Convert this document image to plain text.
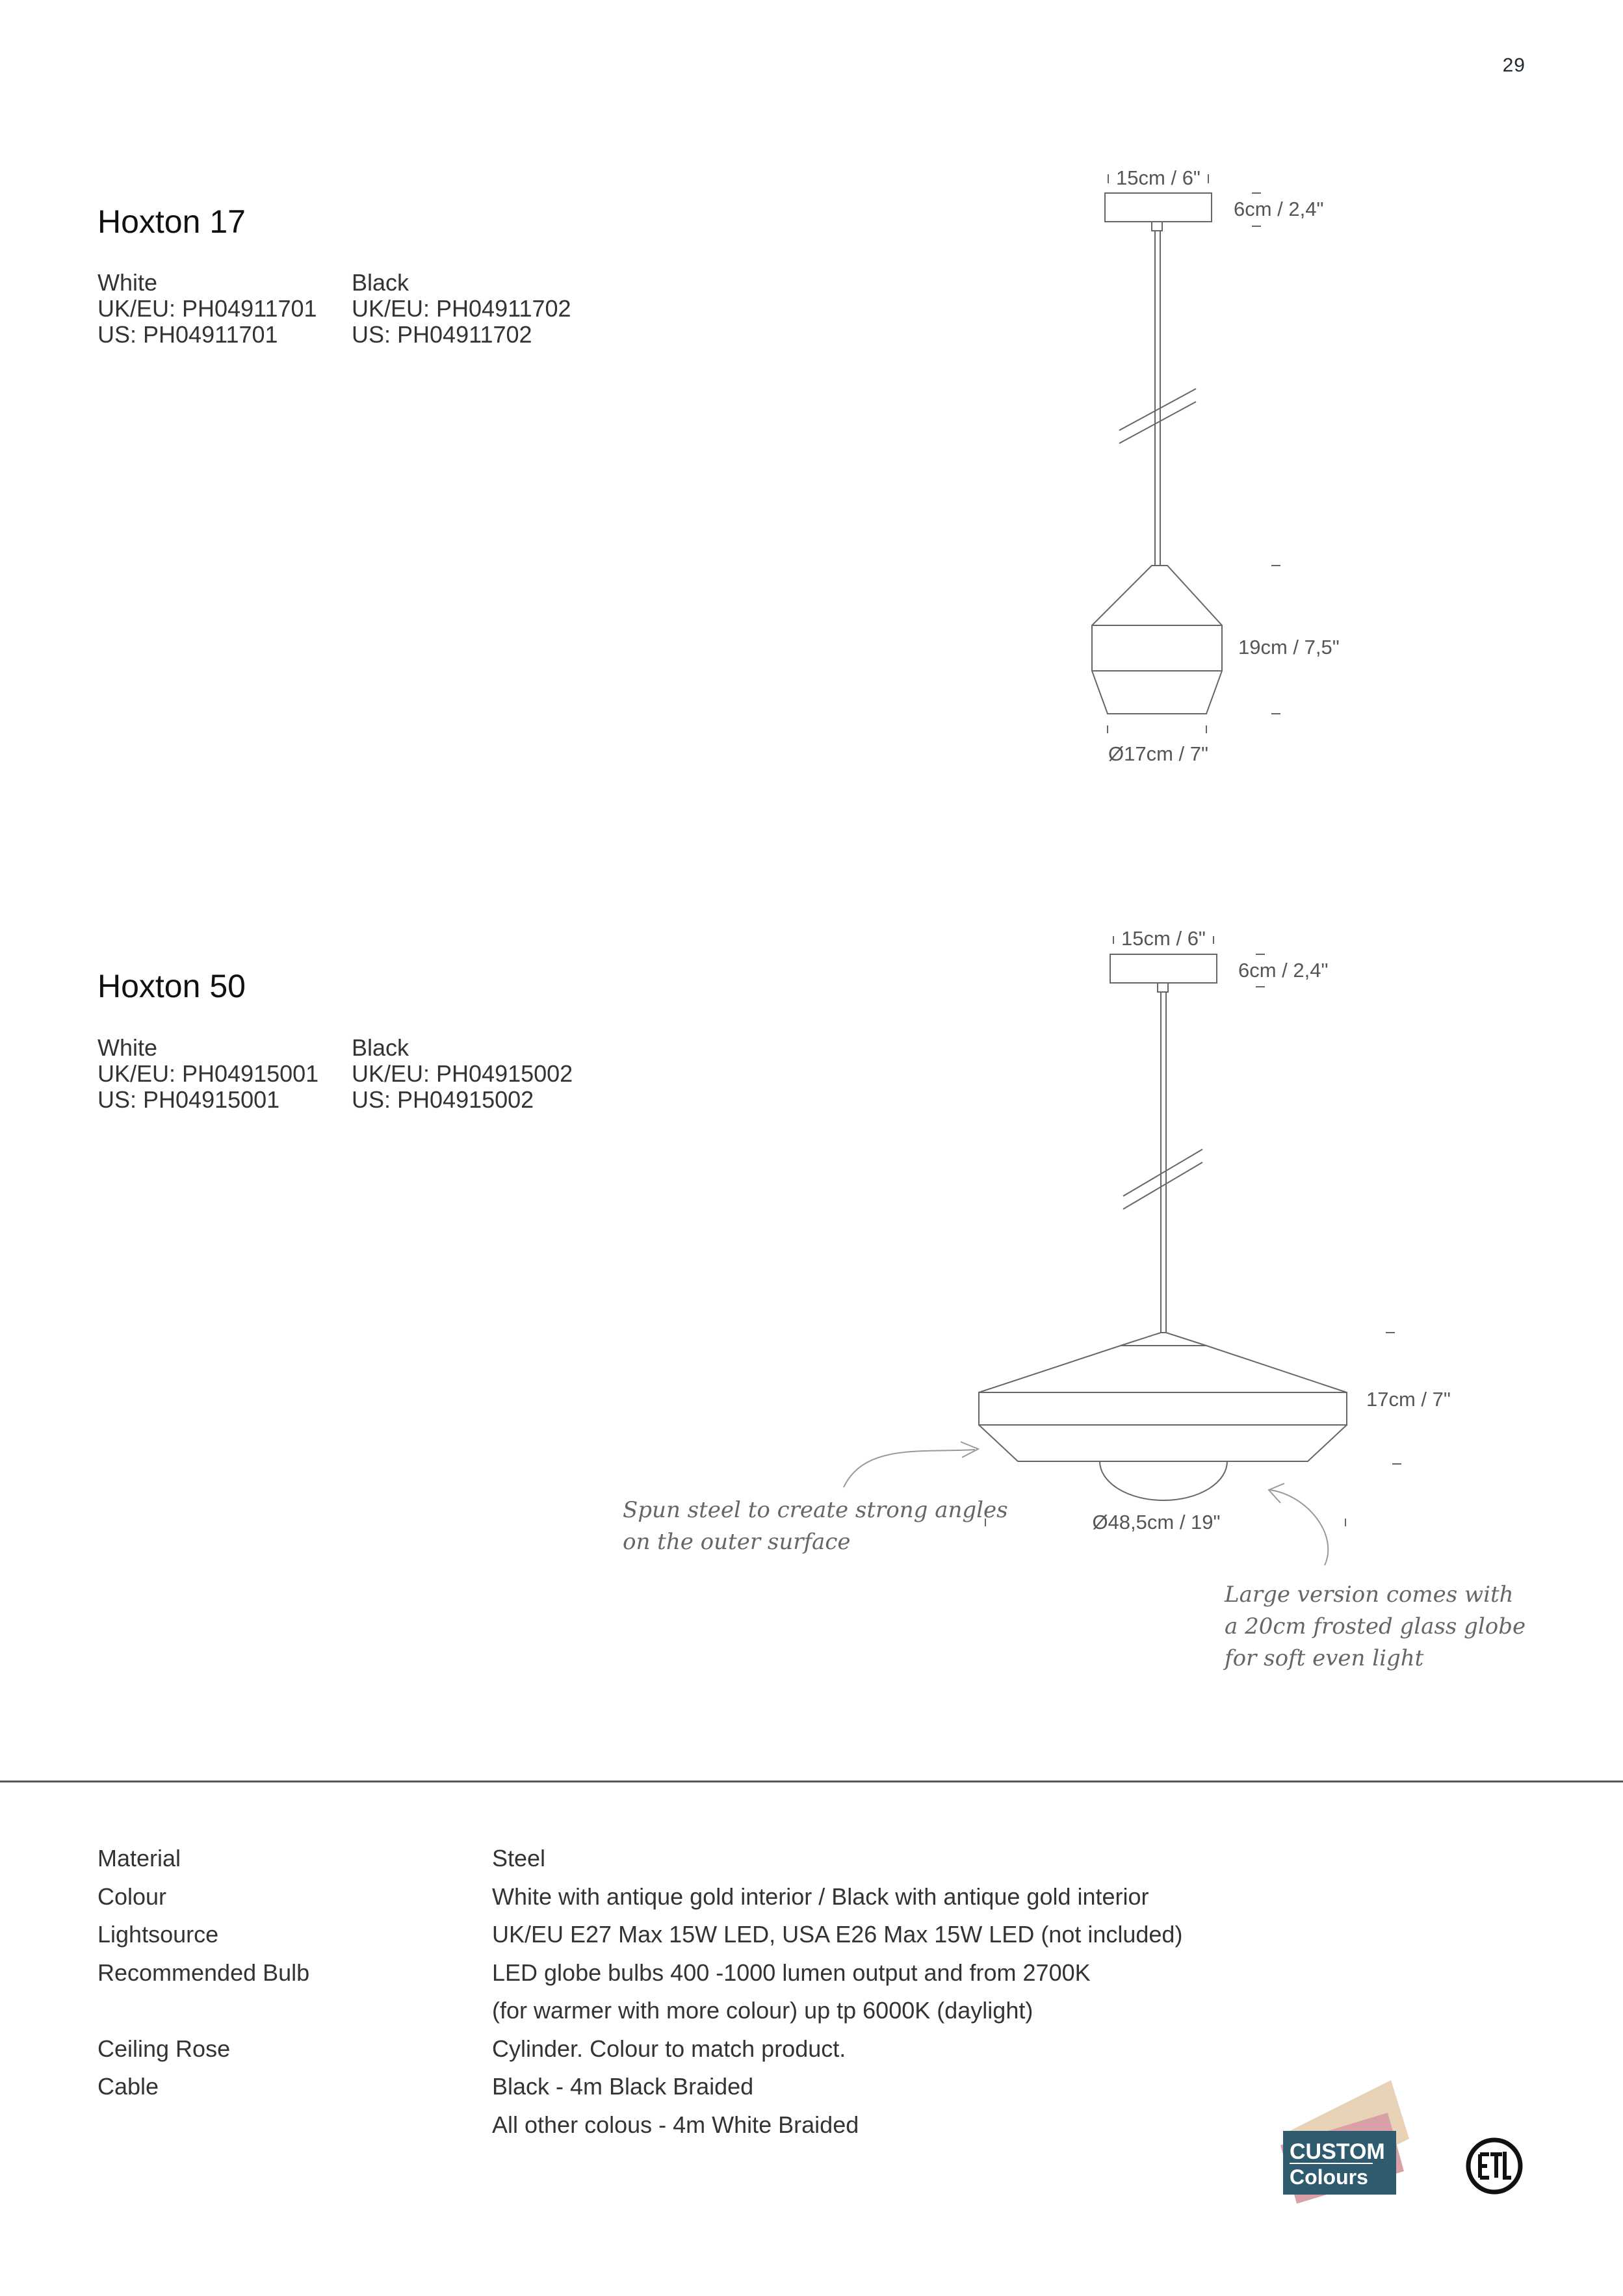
29
Hoxton 17
White
UK/EU: PH04911701
US: PH04911701
Black
UK/EU: PH04911702
US: PH04911702
15cm / 6"
6cm / 2,4"
19cm / 7,5"
Ø17cm / 7"
Hoxton 50
White
UK/EU: PH04915001
US: PH04915001
Black
UK/EU: PH04915002
US: PH04915002
15cm / 6"
6cm / 2,4"
17cm / 7"
Ø48,5cm / 19"
Spun steel to create strong angles
on the outer surface
Large version comes with
a 20cm frosted glass globe
for soft even light
Material	Steel
Colour	White with antique gold interior / Black with antique gold interior
Lightsource	UK/EU E27 Max 15W LED, USA E26 Max 15W LED (not included)
Recommended Bulb	LED globe bulbs 400 -1000 lumen output and from 2700K
(for warmer with more colour) up tp 6000K (daylight)
Ceiling Rose	Cylinder. Colour to match product.
Cable	Black - 4m Black Braided
All other colous - 4m White Braided
CUSTOM
Colours
